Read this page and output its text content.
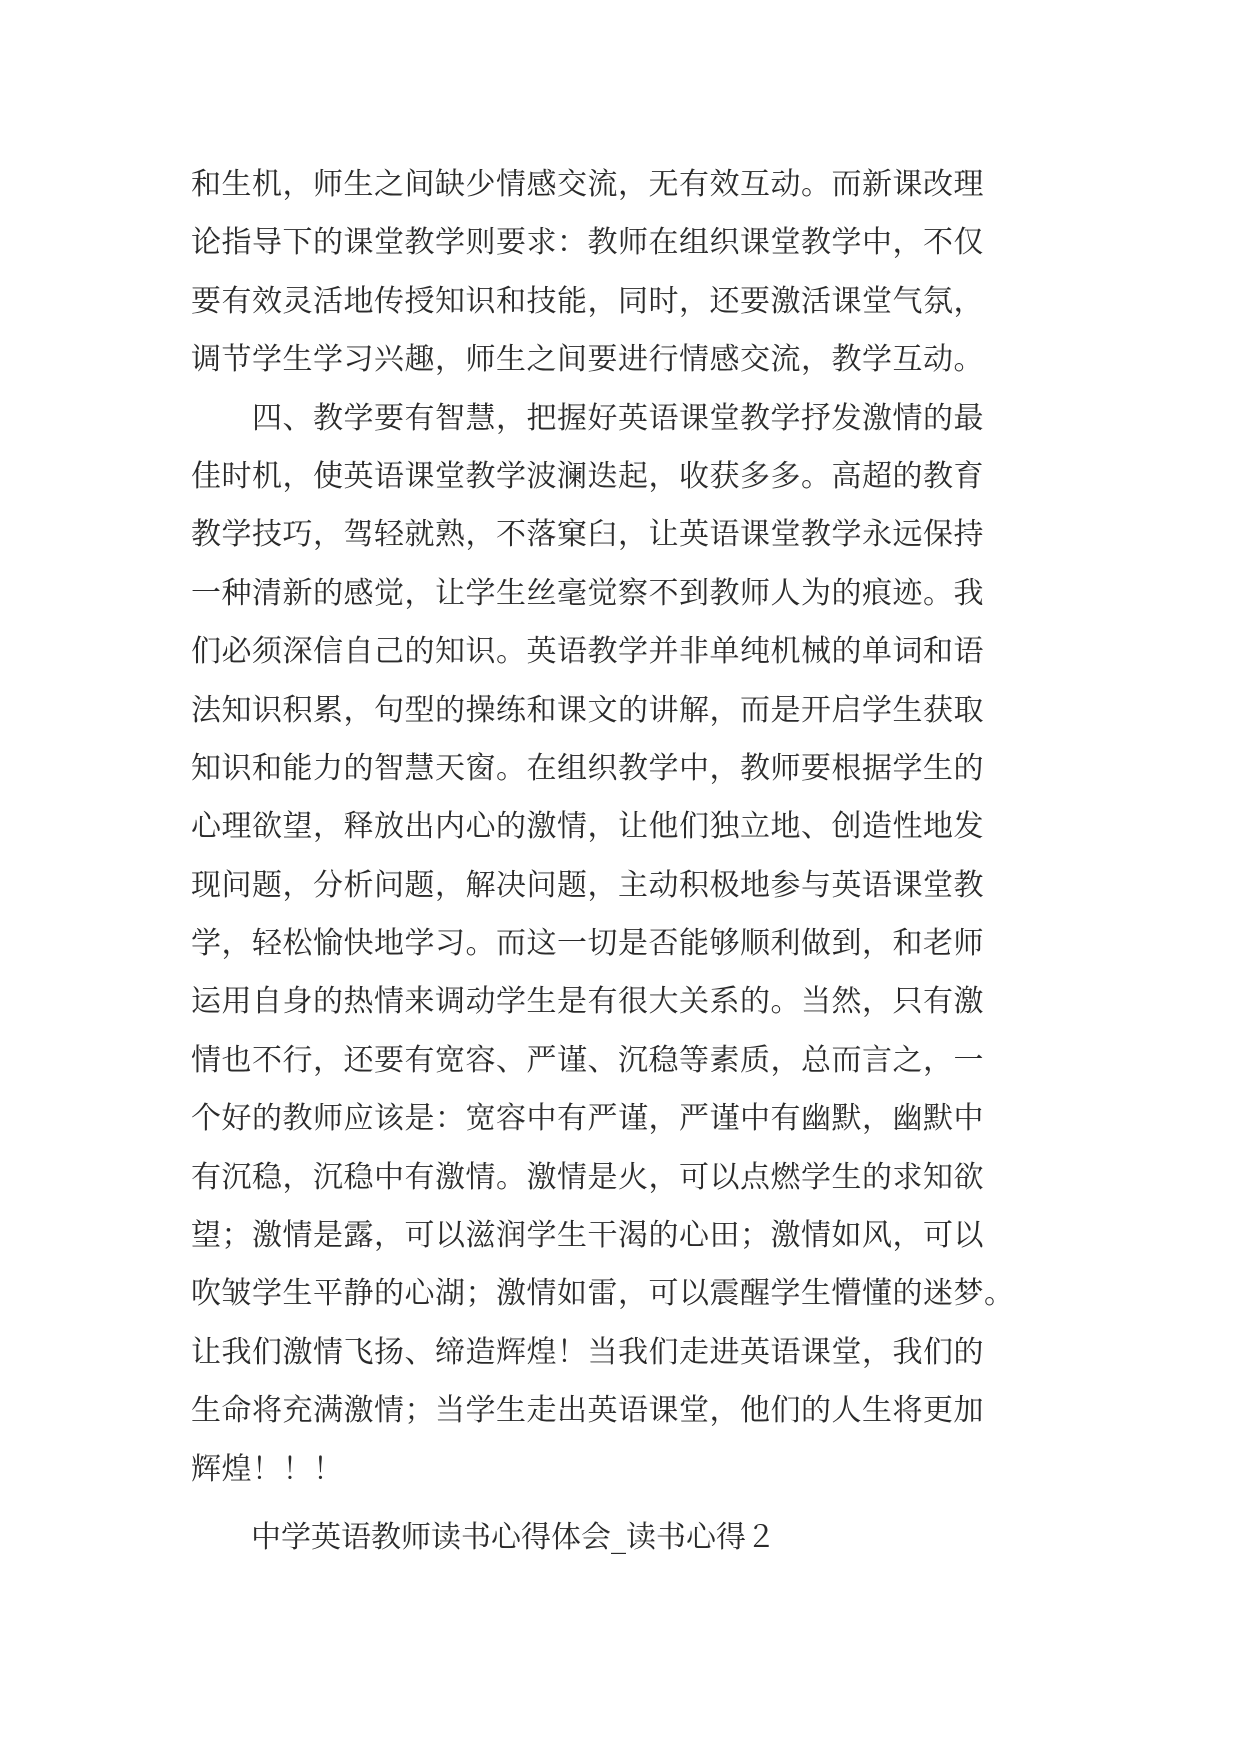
和生机，师生之间缺少情感交流，无有效互动。而新课改理
论指导下的课堂教学则要求：教师在组织课堂教学中，不仅
要有效灵活地传授知识和技能，同时，还要激活课堂气氛，
调节学生学习兴趣，师生之间要进行情感交流，教学互动。
　　四、教学要有智慧，把握好英语课堂教学抒发激情的最
佳时机，使英语课堂教学波澜迭起，收获多多。高超的教育
教学技巧，驾轻就熟，不落窠臼，让英语课堂教学永远保持
一种清新的感觉，让学生丝毫觉察不到教师人为的痕迹。我
们必须深信自己的知识。英语教学并非单纯机械的单词和语
法知识积累，句型的操练和课文的讲解，而是开启学生获取
知识和能力的智慧天窗。在组织教学中，教师要根据学生的
心理欲望，释放出内心的激情，让他们独立地、创造性地发
现问题，分析问题，解决问题，主动积极地参与英语课堂教
学，轻松愉快地学习。而这一切是否能够顺利做到，和老师
运用自身的热情来调动学生是有很大关系的。当然，只有激
情也不行，还要有宽容、严谨、沉稳等素质，总而言之，一
个好的教师应该是：宽容中有严谨，严谨中有幽默，幽默中
有沉稳，沉稳中有激情。激情是火，可以点燃学生的求知欲
望；激情是露，可以滋润学生干渴的心田；激情如风，可以
吹皱学生平静的心湖；激情如雷，可以震醒学生懵懂的迷梦。
让我们激情飞扬、缔造辉煌！当我们走进英语课堂，我们的
生命将充满激情；当学生走出英语课堂，他们的人生将更加
辉煌！！！
　　中学英语教师读书心得体会_读书心得２
